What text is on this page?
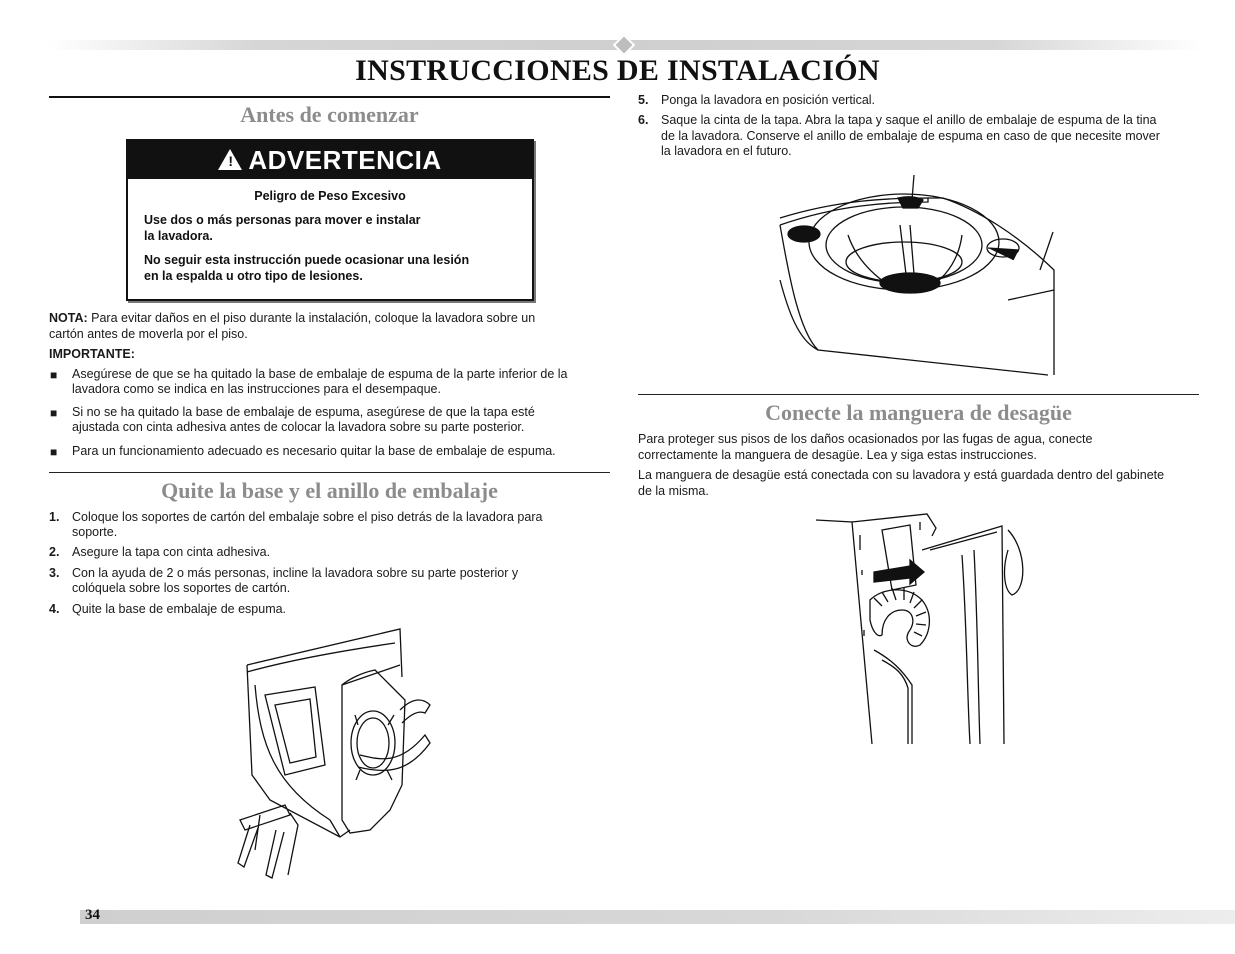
INSTRUCCIONES DE INSTALACIÓN
Antes de comenzar
! ADVERTENCIA
Peligro de Peso Excesivo
Use dos o más personas para mover e instalar
la lavadora.
No seguir esta instrucción puede ocasionar una lesión
en la espalda u otro tipo de lesiones.
NOTA: Para evitar daños en el piso durante la instalación, coloque la lavadora sobre un
cartón antes de moverla por el piso.
IMPORTANTE:
■ Asegúrese de que se ha quitado la base de embalaje de espuma de la parte inferior de la
lavadora como se indica en las instrucciones para el desempaque.
■ Si no se ha quitado la base de embalaje de espuma, asegúrese de que la tapa esté
ajustada con cinta adhesiva antes de colocar la lavadora sobre su parte posterior.
■ Para un funcionamiento adecuado es necesario quitar la base de embalaje de espuma.
Quite la base y el anillo de embalaje
1. Coloque los soportes de cartón del embalaje sobre el piso detrás de la lavadora para
soporte.
2. Asegure la tapa con cinta adhesiva.
3. Con la ayuda de 2 o más personas, incline la lavadora sobre su parte posterior y
colóquela sobre los soportes de cartón.
4. Quite la base de embalaje de espuma.
5. Ponga la lavadora en posición vertical.
6. Saque la cinta de la tapa. Abra la tapa y saque el anillo de embalaje de espuma de la tina
de la lavadora. Conserve el anillo de embalaje de espuma en caso de que necesite mover
la lavadora en el futuro.
Conecte la manguera de desagüe
Para proteger sus pisos de los daños ocasionados por las fugas de agua, conecte
correctamente la manguera de desagüe. Lea y siga estas instrucciones.
La manguera de desagüe está conectada con su lavadora y está guardada dentro del gabinete
de la misma.
34
